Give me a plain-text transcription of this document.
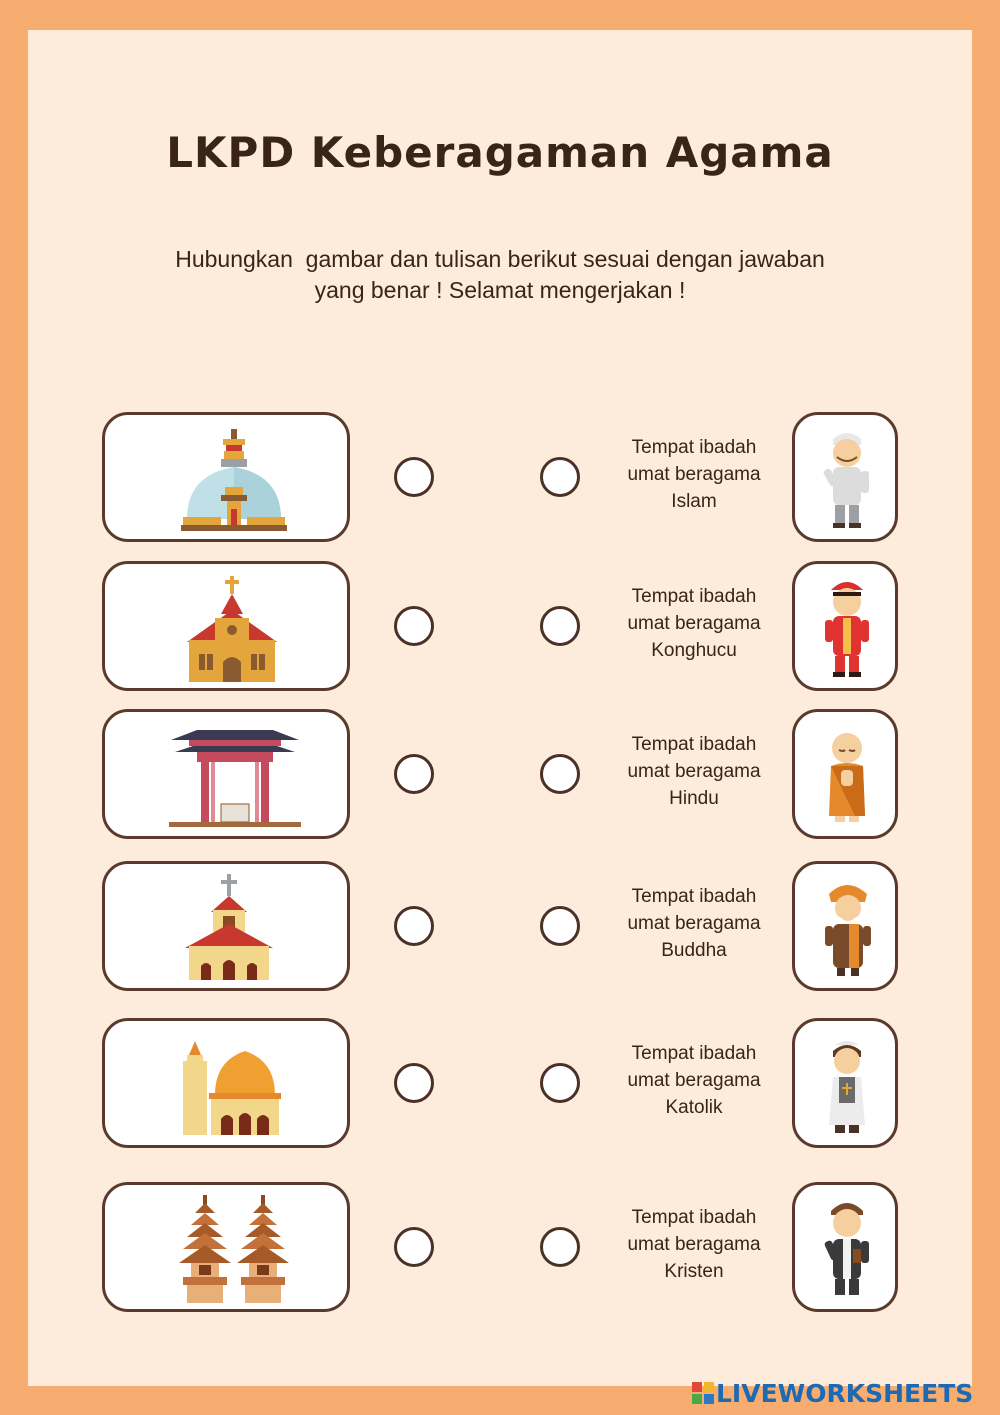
LKPD Keberagaman Agama
Hubungkan  gambar dan tulisan berikut sesuai dengan jawaban
yang benar ! Selamat mengerjakan !
Tempat ibadah
umat beragama
Islam
Tempat ibadah
umat beragama
Konghucu
Tempat ibadah
umat beragama
Hindu
Tempat ibadah
umat beragama
Buddha
Tempat ibadah
umat beragama
Katolik
Tempat ibadah
umat beragama
Kristen
LIVEWORKSHEETS
